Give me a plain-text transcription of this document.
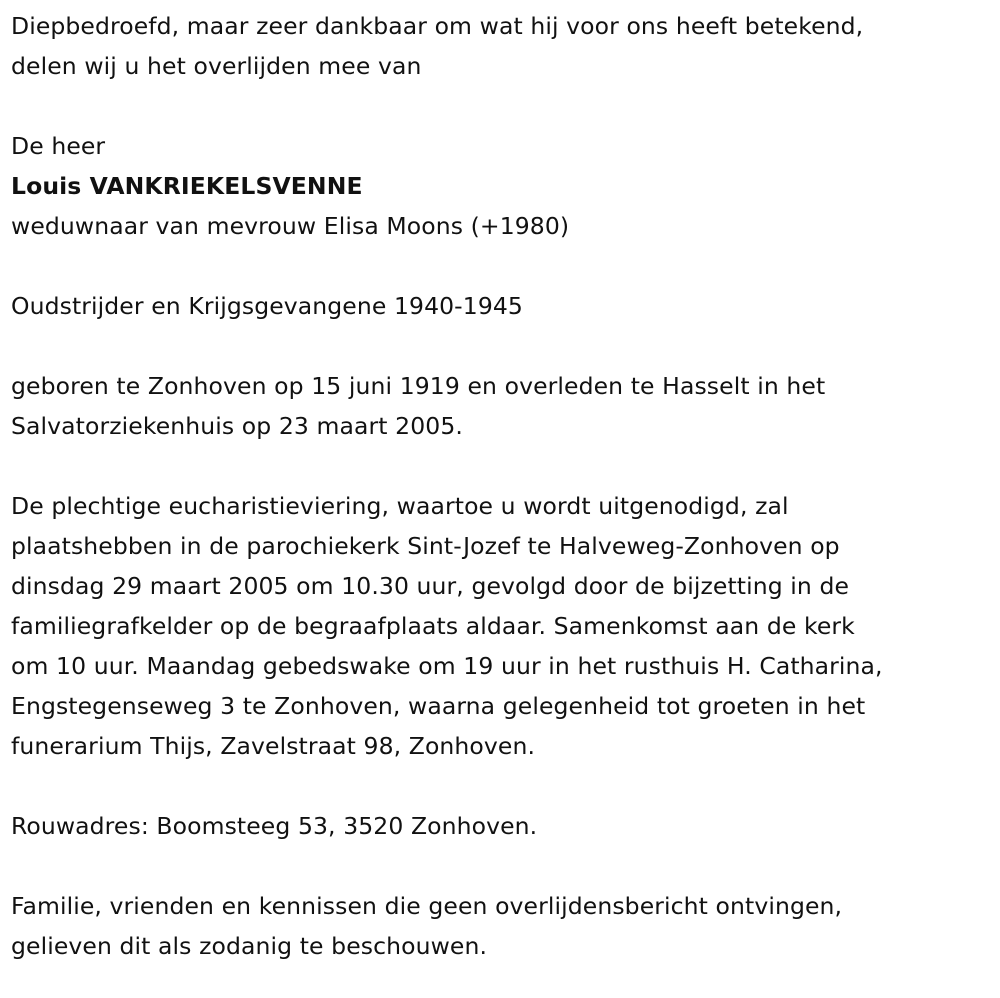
Diepbedroefd, maar zeer dankbaar om wat hij voor ons heeft betekend,
delen wij u het overlijden mee van

De heer

Louis VANKRIEKELSVENNE

weduwnaar van mevrouw Elisa Moons (+1980)

Oudstrijder en Krijgsgevangene 1940-1945

geboren te Zonhoven op 15 juni 1919 en overleden te Hasselt in het
Salvatorziekenhuis op 23 maart 2005.

De plechtige eucharistieviering, waartoe u wordt uitgenodigd, zal
plaatshebben in de parochiekerk Sint-Jozef te Halveweg-Zonhoven op
dinsdag 29 maart 2005 om 10.30 uur, gevolgd door de bijzetting in de
familiegrafkelder op de begraafplaats aldaar. Samenkomst aan de kerk
om 10 uur. Maandag gebedswake om 19 uur in het rusthuis H. Catharina,
Engstegenseweg 3 te Zonhoven, waarna gelegenheid tot groeten in het
funerarium Thijs, Zavelstraat 98, Zonhoven.

Rouwadres: Boomsteeg 53, 3520 Zonhoven.

Familie, vrienden en kennissen die geen overlijdensbericht ontvingen,
gelieven dit als zodanig te beschouwen.
